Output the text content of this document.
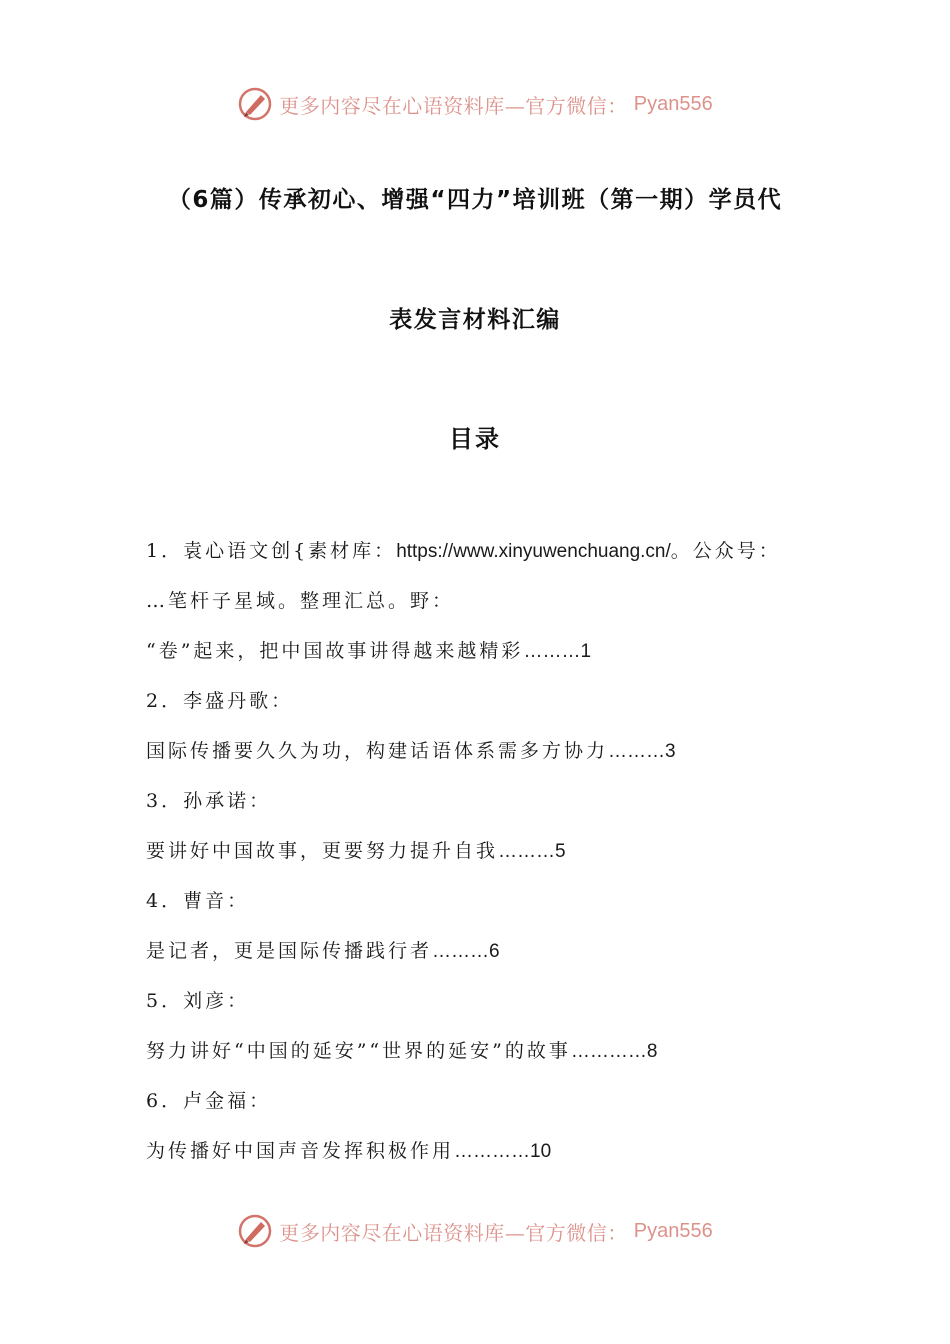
更多内容尽在心语资料库—官方微信： Pyan556
（6篇）传承初心、增强“四力”培训班（第一期）学员代
表发言材料汇编
目录
1．袁心语文创{素材库：https://www.xinyuwenchuang.cn/。公众号：
…笔杆子星域。整理汇总。野：
“卷”起来，把中国故事讲得越来越精彩………1
2．李盛丹歌：
国际传播要久久为功，构建话语体系需多方协力………3
3．孙承诺：
要讲好中国故事，更要努力提升自我………5
4．曹音：
是记者，更是国际传播践行者………6
5．刘彦：
努力讲好“中国的延安”“世界的延安”的故事…………8
6．卢金福：
为传播好中国声音发挥积极作用…………10
更多内容尽在心语资料库—官方微信： Pyan556
